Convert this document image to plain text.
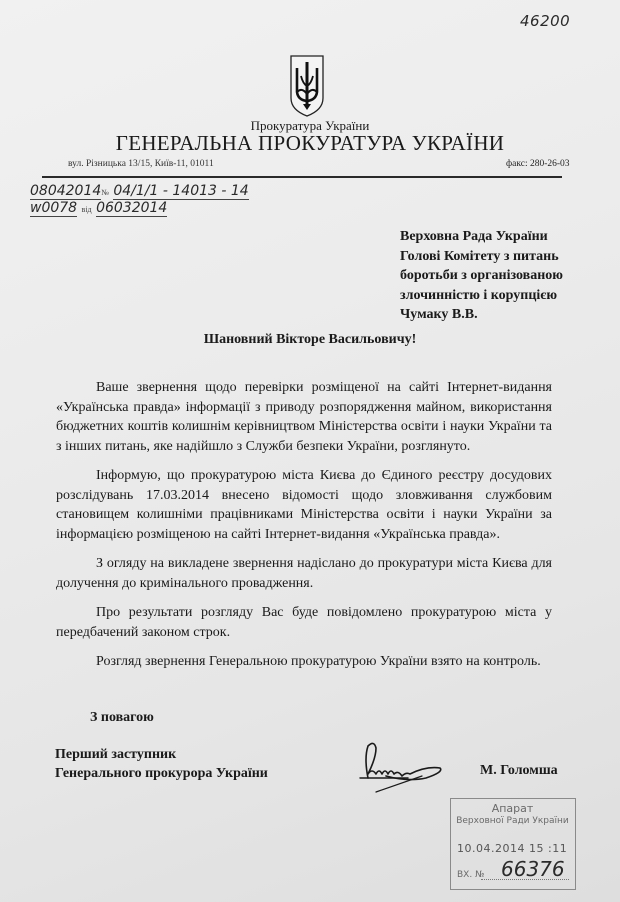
46200
Прокуратура України
ГЕНЕРАЛЬНА ПРОКУРАТУРА УКРАЇНИ
вул. Різницька 13/15, Київ-11, 01011	факс: 280-26-03
08042014№ 04/1/1 - 14013 - 14
w0078 від 06032014
Верховна Рада України
Голові Комітету з питань
боротьби з організованою
злочинністю і корупцією
Чумаку В.В.
Шановний Вікторе Васильовичу!

Ваше звернення щодо перевірки розміщеної на сайті Інтернет-видання «Українська правда» інформації з приводу розпорядження майном, використання бюджетних коштів колишнім керівництвом Міністерства освіти і науки України та з інших питань, яке надійшло з Служби безпеки України, розглянуто.

Інформую, що прокуратурою міста Києва до Єдиного реєстру досудових розслідувань 17.03.2014 внесено відомості щодо зловживання службовим становищем колишніми працівниками Міністерства освіти і науки України за інформацією розміщеною на сайті Інтернет-видання «Українська правда».

З огляду на викладене звернення надіслано до прокуратури міста Києва для долучення до кримінального провадження.

Про результати розгляду Вас буде повідомлено прокуратурою міста у передбачений законом строк.

Розгляд звернення Генеральною прокуратурою України взято на контроль.

З повагою
Перший заступник
Генерального прокурора України	М. Голомша
Апарат
Верховної Ради України
10.04.2014 15 :11
ВХ. № 66376
